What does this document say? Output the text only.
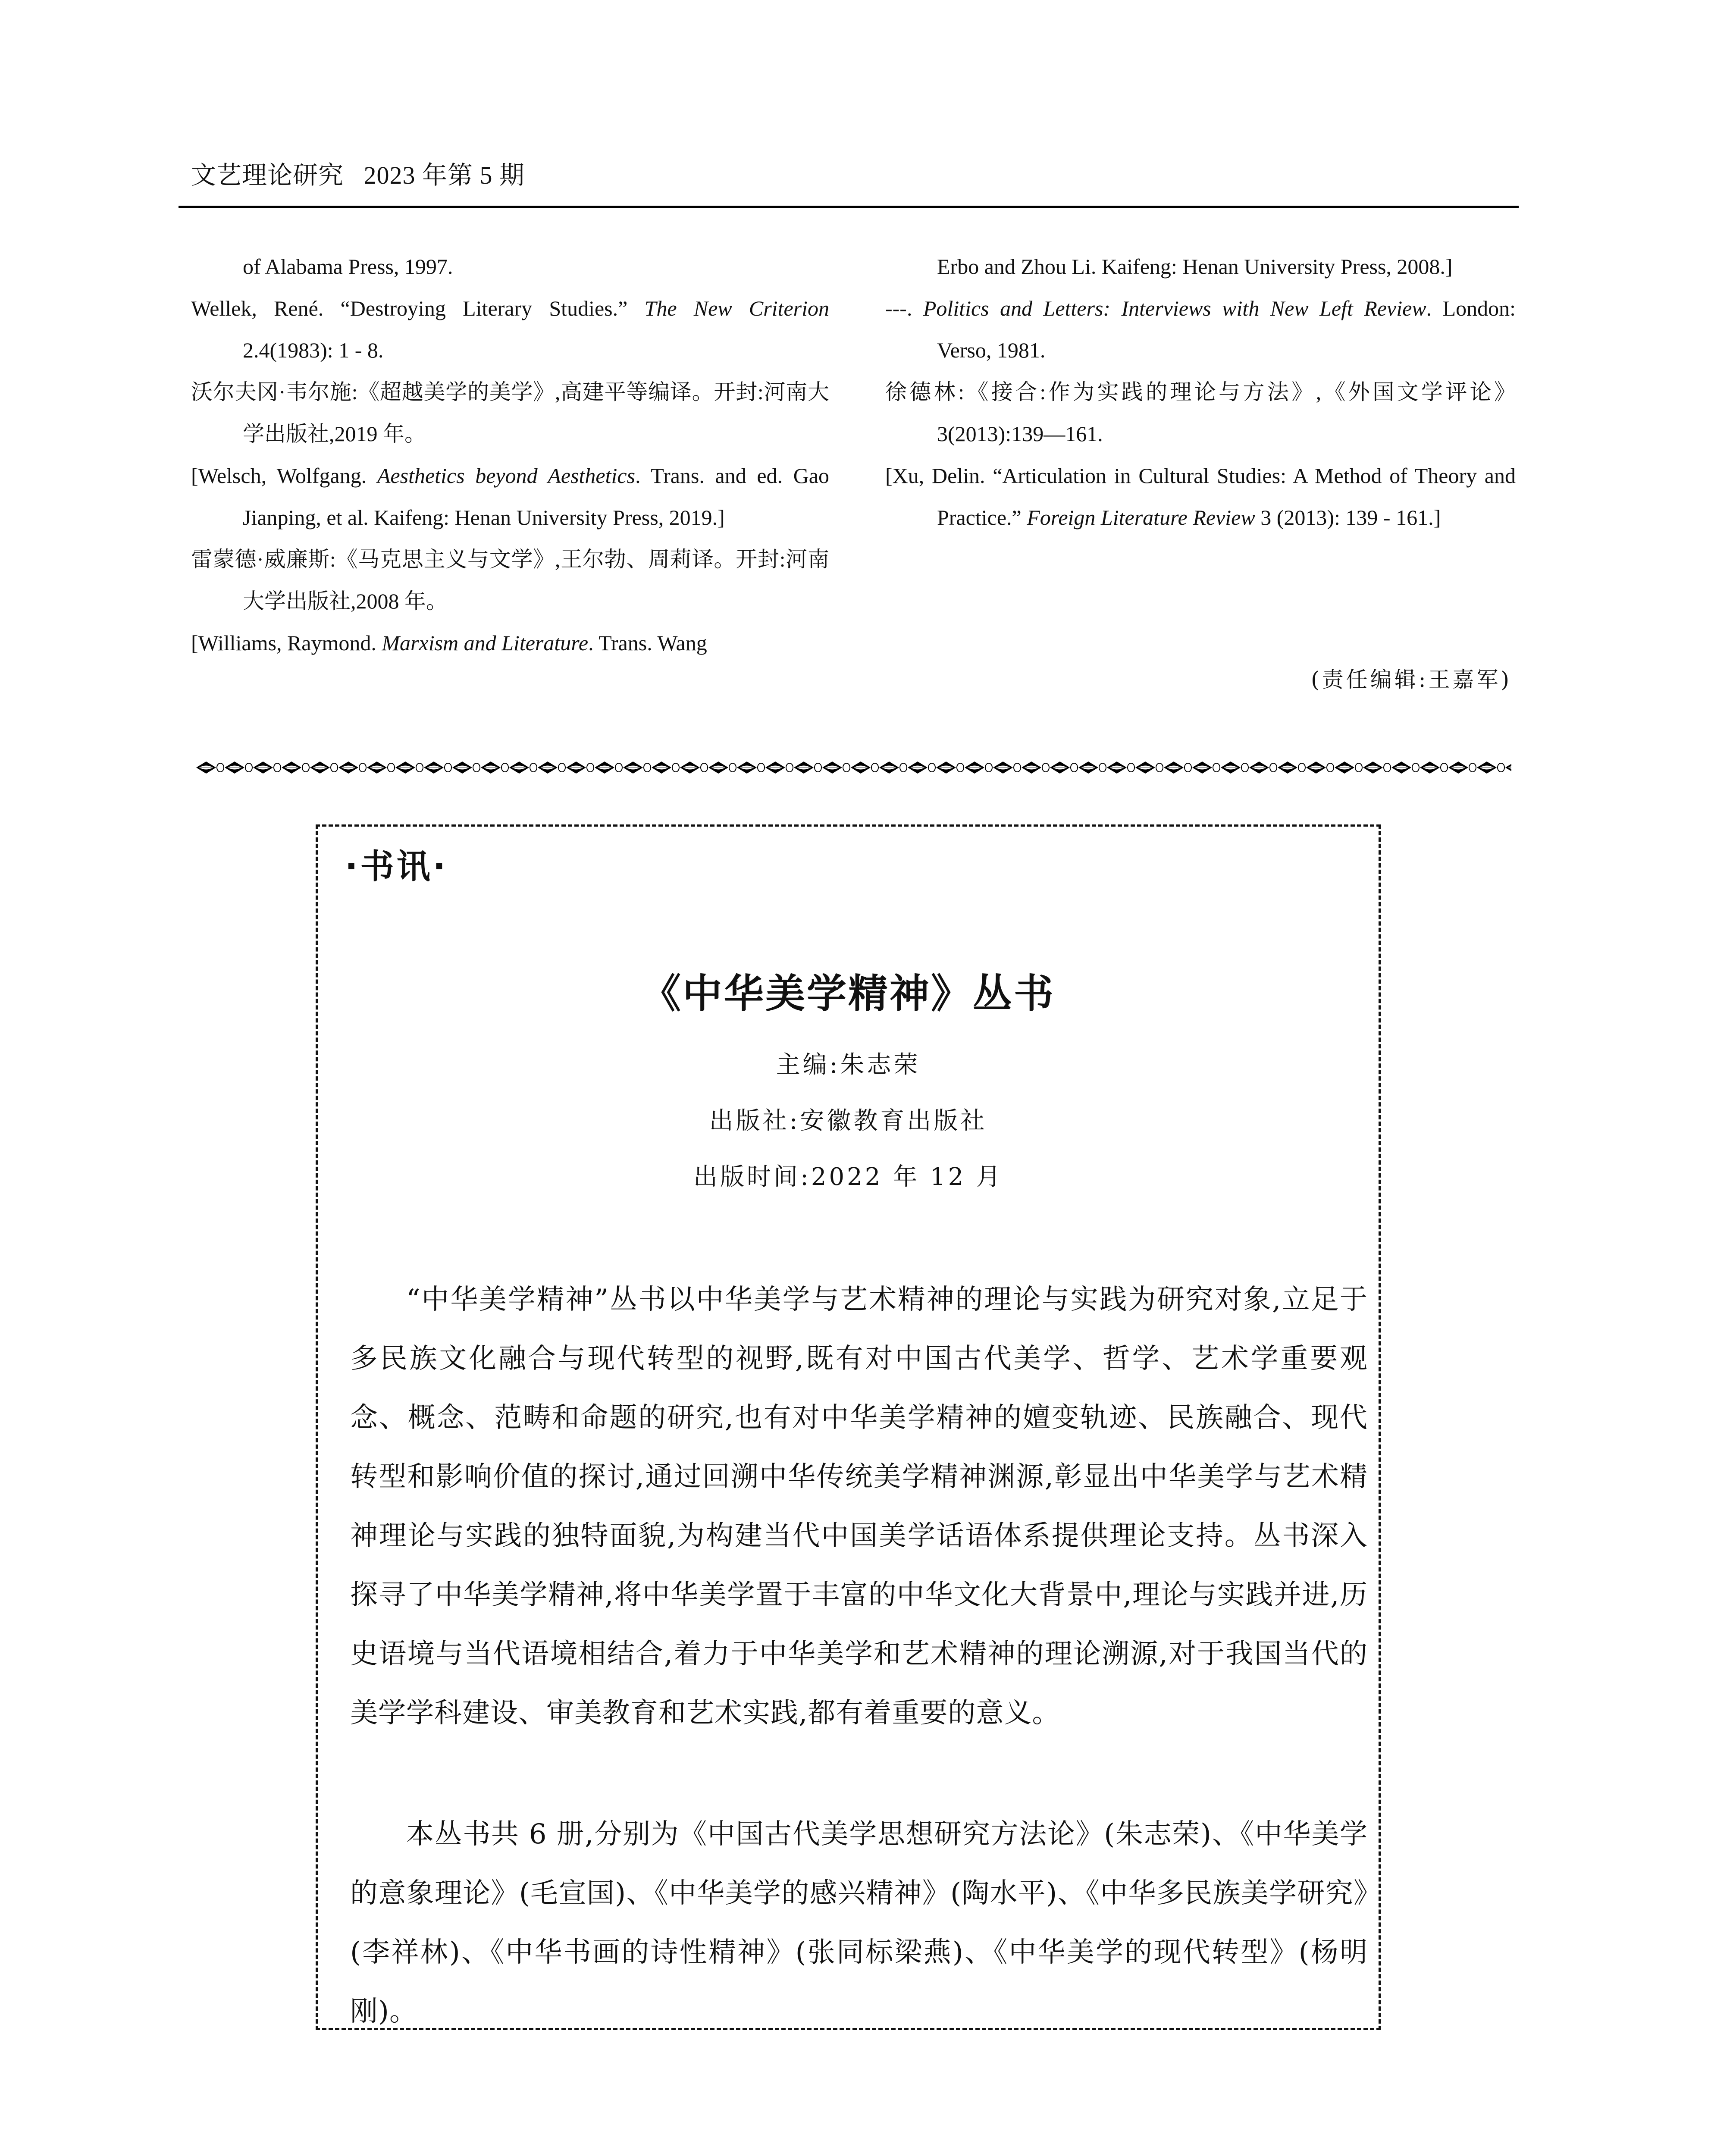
文艺理论研究 2023 年第 5 期

of Alabama Press, 1997.

Wellek, René. “Destroying Literary Studies.” The New Criterion 2.4(1983): 1 - 8.

沃尔夫冈·韦尔施:《超越美学的美学》,高建平等编译。开封:河南大学出版社,2019 年。

[Welsch, Wolfgang. Aesthetics beyond Aesthetics. Trans. and ed. Gao Jianping, et al. Kaifeng: Henan University Press, 2019.]

雷蒙德·威廉斯:《马克思主义与文学》,王尔勃、周莉译。开封:河南大学出版社,2008 年。

[Williams, Raymond. Marxism and Literature. Trans. Wang

Erbo and Zhou Li. Kaifeng: Henan University Press, 2008.]

---. Politics and Letters: Interviews with New Left Review. London: Verso, 1981.

徐德林:《接合:作为实践的理论与方法》,《外国文学评论》3(2013):139—161.

[Xu, Delin. “Articulation in Cultural Studies: A Method of Theory and Practice.” Foreign Literature Review 3 (2013): 139 - 161.]

(责任编辑:王嘉军)
·书讯·
《中华美学精神》丛书
主编:朱志荣
出版社:安徽教育出版社
出版时间:2022 年 12 月

“中华美学精神”丛书以中华美学与艺术精神的理论与实践为研究对象,立足于多民族文化融合与现代转型的视野,既有对中国古代美学、哲学、艺术学重要观念、概念、范畴和命题的研究,也有对中华美学精神的嬗变轨迹、民族融合、现代转型和影响价值的探讨,通过回溯中华传统美学精神渊源,彰显出中华美学与艺术精神理论与实践的独特面貌,为构建当代中国美学话语体系提供理论支持。丛书深入探寻了中华美学精神,将中华美学置于丰富的中华文化大背景中,理论与实践并进,历史语境与当代语境相结合,着力于中华美学和艺术精神的理论溯源,对于我国当代的美学学科建设、审美教育和艺术实践,都有着重要的意义。

本丛书共 6 册,分别为《中国古代美学思想研究方法论》(朱志荣)、《中华美学的意象理论》(毛宣国)、《中华美学的感兴精神》(陶水平)、《中华多民族美学研究》(李祥林)、《中华书画的诗性精神》(张同标梁燕)、《中华美学的现代转型》(杨明刚)。
